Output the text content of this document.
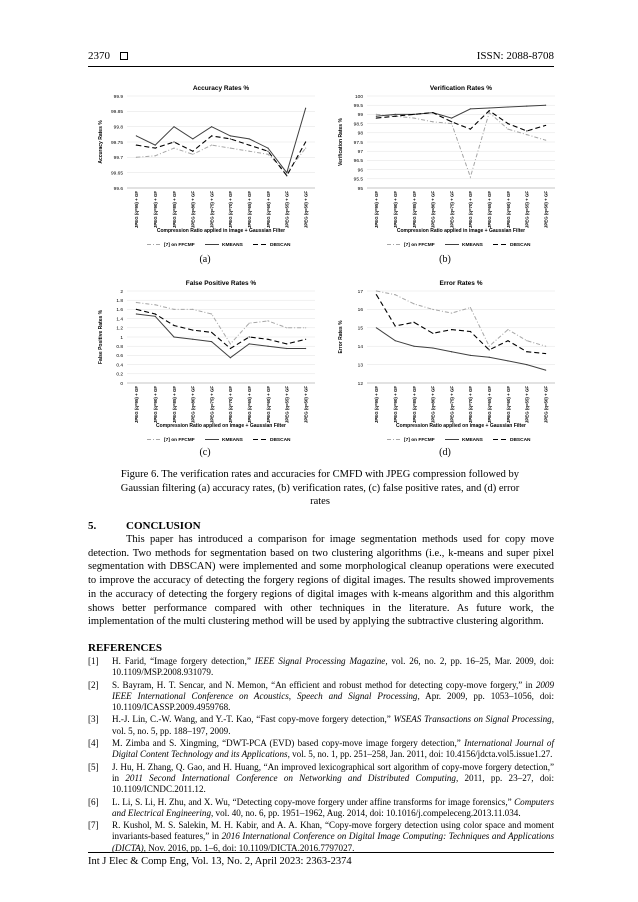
2370	ISSN: 2088-8708
Accuracy Rates %
99.6
99.65
99.7
99.75
99.8
99.85
99.9
Accuracy Rates %
JPEG (q=95) + GF	JPEG (q=90) + GF	JPEG (q=85) + GF	JPEG (q=80) + GF	JPEG (q=75) + GF	JPEG (q=70) + GF	JPEG (q=65) + GF	JPEG (q=60) + GF	JPEG (q=55) + GF	JPEG (q=50) + GF
Compression Ratio applied in image + Gaussian Filter
[7] on FFCMF	KMEANS	DBSCAN
Verification Rates %
95
95.5
96
96.5
97
97.5
98
98.5
99
99.5
100
Verification Rates %
JPEG (q=95) + GF	JPEG (q=90) + GF	JPEG (q=85) + GF	JPEG (q=80) + GF	JPEG (q=75) + GF	JPEG (q=70) + GF	JPEG (q=65) + GF	JPEG (q=60) + GF	JPEG (q=55) + GF	JPEG (q=50) + GF
Compression Ratio applied in image + Gaussian Filter
[7] on FFCMF	KMEANS	DBSCAN
False Positive Rates %
0
0.2
0.4
0.6
0.8
1
1.2
1.4
1.6
1.8
2
False Positive Rates %
JPEG (q=95) + GF	JPEG (q=90) + GF	JPEG (q=85) + GF	JPEG (q=80) + GF	JPEG (q=75) + GF	JPEG (q=70) + GF	JPEG (q=65) + GF	JPEG (q=60) + GF	JPEG (q=55) + GF	JPEG (q=50) + GF
Compression Ratio applied on image + Gaussian Filter
[7] on FFCMF	KMEANS	DBSCAN
Error Rates %
12
13
14
15
16
17
Error Rates %
JPEG (q=95) + GF	JPEG (q=90) + GF	JPEG (q=85) + GF	JPEG (q=80) + GF	JPEG (q=75) + GF	JPEG (q=70) + GF	JPEG (q=65) + GF	JPEG (q=60) + GF	JPEG (q=55) + GF	JPEG (q=50) + GF
Compression Ratio applied on image + Gaussian Filter
[7] on FFCMF	KMEANS	DBSCAN
(a)	(b)
(c)	(d)
Figure 6. The verification rates and accuracies for CMFD with JPEG compression followed by Gaussian filtering (a) accuracy rates, (b) verification rates, (c) false positive rates, and (d) error rates
5.	CONCLUSION
This paper has introduced a comparison for image segmentation methods used for copy move detection. Two methods for segmentation based on two clustering algorithms (i.e., k-means and super pixel segmentation with DBSCAN) were implemented and some morphological cleanup operations were executed to improve the accuracy of detecting the forgery regions of digital images. The results showed improvements in the accuracy of detecting the forgery regions of digital images with k-means algorithm and this algorithm shows better performance compared with other techniques in the literature. As future work, the implementation of the multi clustering method will be used by applying the subtractive clustering algorithm.
REFERENCES
[1] H. Farid, “Image forgery detection,” IEEE Signal Processing Magazine, vol. 26, no. 2, pp. 16–25, Mar. 2009, doi: 10.1109/MSP.2008.931079.
[2] S. Bayram, H. T. Sencar, and N. Memon, “An efficient and robust method for detecting copy-move forgery,” in 2009 IEEE International Conference on Acoustics, Speech and Signal Processing, Apr. 2009, pp. 1053–1056, doi: 10.1109/ICASSP.2009.4959768.
[3] H.-J. Lin, C.-W. Wang, and Y.-T. Kao, “Fast copy-move forgery detection,” WSEAS Transactions on Signal Processing, vol. 5, no. 5, pp. 188–197, 2009.
[4] M. Zimba and S. Xingming, “DWT-PCA (EVD) based copy-move image forgery detection,” International Journal of Digital Content Technology and its Applications, vol. 5, no. 1, pp. 251–258, Jan. 2011, doi: 10.4156/jdcta.vol5.issue1.27.
[5] J. Hu, H. Zhang, Q. Gao, and H. Huang, “An improved lexicographical sort algorithm of copy-move forgery detection,” in 2011 Second International Conference on Networking and Distributed Computing, 2011, pp. 23–27, doi: 10.1109/ICNDC.2011.12.
[6] L. Li, S. Li, H. Zhu, and X. Wu, “Detecting copy-move forgery under affine transforms for image forensics,” Computers and Electrical Engineering, vol. 40, no. 6, pp. 1951–1962, Aug. 2014, doi: 10.1016/j.compeleceng.2013.11.034.
[7] R. Kushol, M. S. Salekin, M. H. Kabir, and A. A. Khan, “Copy-move forgery detection using color space and moment invariants-based features,” in 2016 International Conference on Digital Image Computing: Techniques and Applications (DICTA), Nov. 2016, pp. 1–6, doi: 10.1109/DICTA.2016.7797027.
Int J Elec & Comp Eng, Vol. 13, No. 2, April 2023: 2363-2374
